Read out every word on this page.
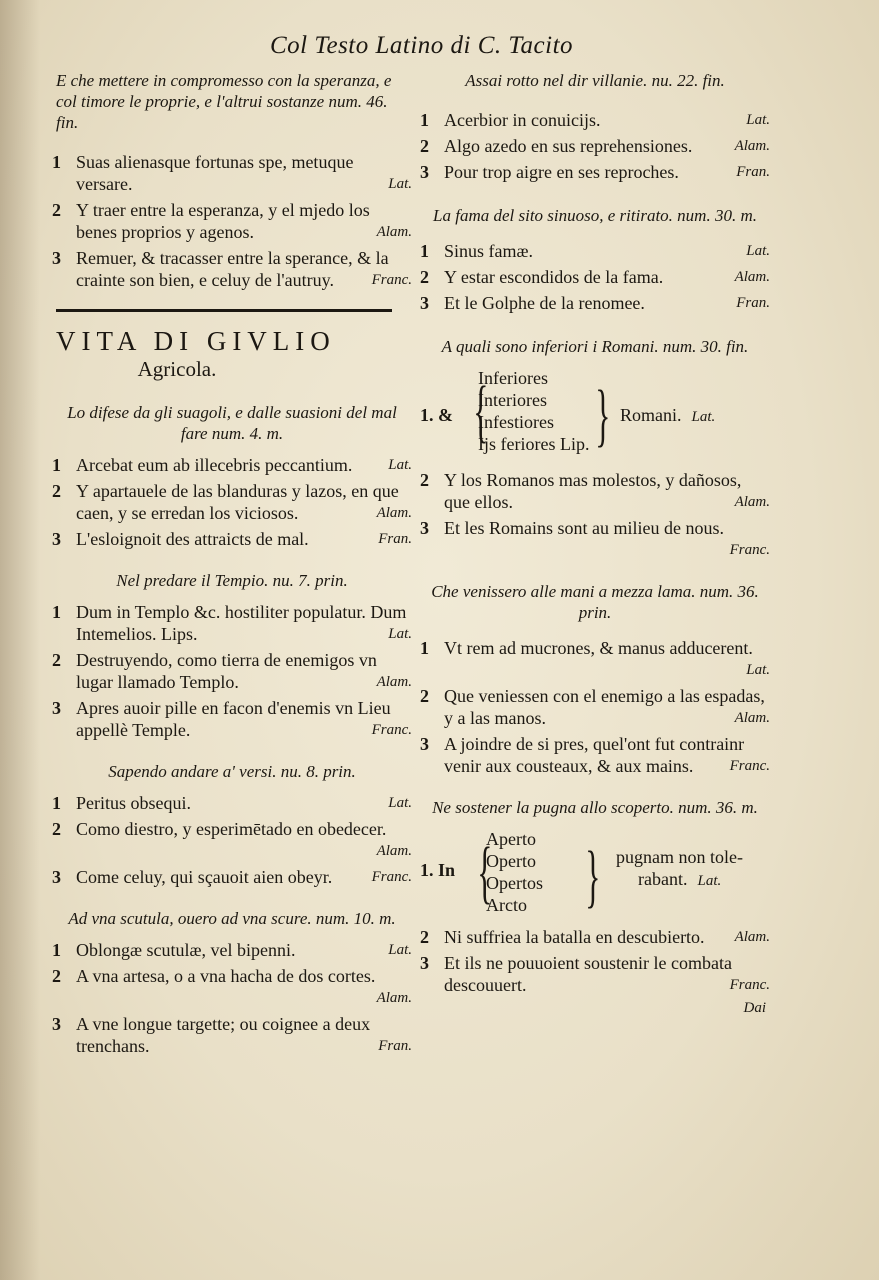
Col Testo Latino di C. Tacito
E che mettere in compromesso con la speranza, e col timore le proprie, e l'altrui sostanze num. 46. fin.
1 Suas alienasque fortunas spe, metuque versare.	Lat.
2 Y traer entre la esperanza, y el mjedo los benes proprios y agenos.	Alam.
3 Remuer, & tracasser entre la sperance, & la crainte son bien, e celuy de l'autruy.	Franc.
VITA DI GIVLIO
Agricola.
Lo difese da gli suagoli, e dalle suasioni del mal fare num. 4. m.
1 Arcebat eum ab illecebris peccantium.	Lat.
2 Y apartauele de las blanduras y lazos, en que caen, y se erredan los viciosos.	Alam.
3 L'esloignoit des attraicts de mal.	Fran.
Nel predare il Tempio. nu. 7. prin.
1 Dum in Templo &c. hostiliter populatur. Dum Intemelios. Lips.	Lat.
2 Destruyendo, como tierra de enemigos vn lugar llamado Templo.	Alam.
3 Apres auoir pille en facon d'enemis vn Lieu appellè Temple.	Franc.
Sapendo andare a' versi. nu. 8. prin.
1 Peritus obsequi.	Lat.
2 Como diestro, y esperimētado en obedecer.
Alam.
3 Come celuy, qui sçauoit aien obeyr.	Franc.
Ad vna scutula, ouero ad vna scure. num. 10. m.
1 Oblongæ scutulæ, vel bipenni.	Lat.
2 A vna artesa, o a vna hacha de dos cortes.
Alam.
3 A vne longue targette; ou coignee a deux trenchans.	Fran.
Assai rotto nel dir villanie. nu. 22. fin.
1 Acerbior in conuicijs.	Lat.
2 Algo azedo en sus reprehensiones.	Alam.
3 Pour trop aigre en ses reproches.	Fran.
La fama del sito sinuoso, e ritirato. num. 30. m.
1 Sinus famæ.	Lat.
2 Y estar escondidos de la fama.	Alam.
3 Et le Golphe de la renomee.	Fran.
A quali sono inferiori i Romani. num. 30. fin.
1. & {
Inferiores
Interiores
Infestiores
Ijs feriores Lip. } Romani. Lat.
2 Y los Romanos mas molestos, y dañosos, que ellos.	Alam.
3 Et les Romains sont au milieu de nous.
Franc.
Che venissero alle mani a mezza lama. num. 36. prin.
1 Vt rem ad mucrones, & manus adducerent.
Lat.
2 Que veniessen con el enemigo a las espadas, y a las manos.	Alam.
3 A joindre de si pres, quel'ont fut contrainr venir aux cousteaux, & aux mains.	Franc.
Ne sostener la pugna allo scoperto. num. 36. m.
1. In {
Aperto
Operto
Opertos
Arcto } pugnam non tole-
rabant. Lat.
2 Ni suffriea la batalla en descubierto.	Alam.
3 Et ils ne pouuoient soustenir le combata descouuert.	Franc.
Dai
